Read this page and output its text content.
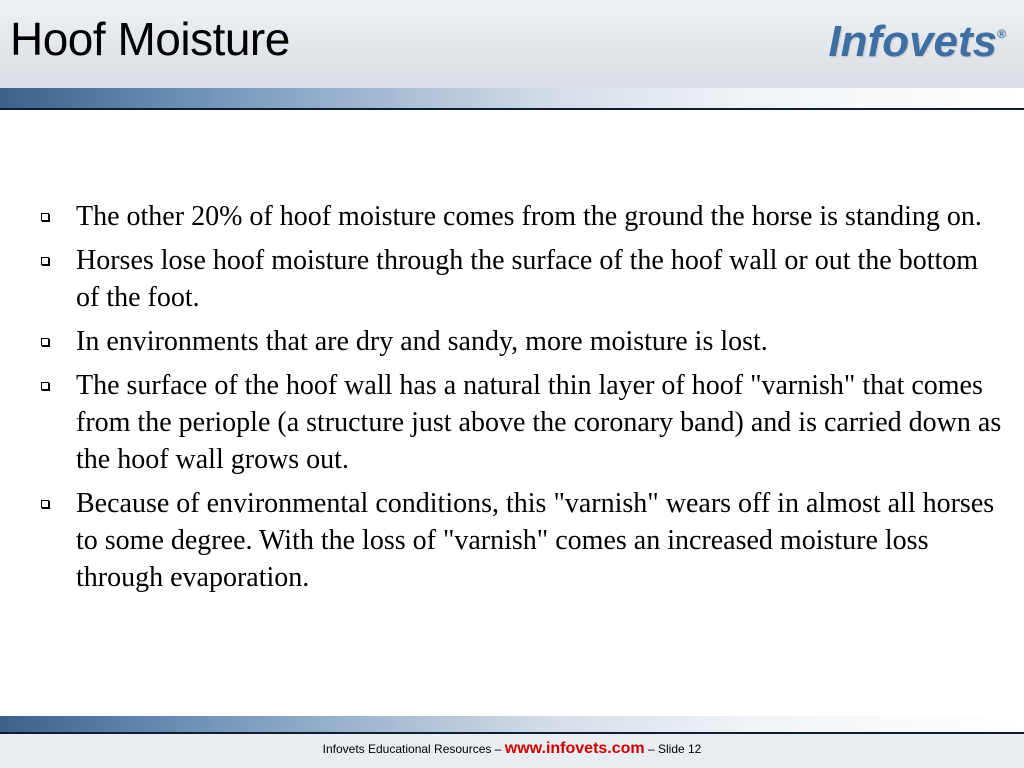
Hoof Moisture	Infovets®
The other 20% of hoof moisture comes from the ground the horse is standing on.
Horses lose hoof moisture through the surface of the hoof wall or out the bottom of the foot.
In environments that are dry and sandy, more moisture is lost.
The surface of the hoof wall has a natural thin layer of hoof "varnish" that comes from the periople (a structure just above the coronary band) and is carried down as the hoof wall grows out.
Because of environmental conditions, this "varnish" wears off in almost all horses to some degree. With the loss of "varnish" comes an increased moisture loss through evaporation.
Infovets Educational Resources – www.infovets.com – Slide 12
